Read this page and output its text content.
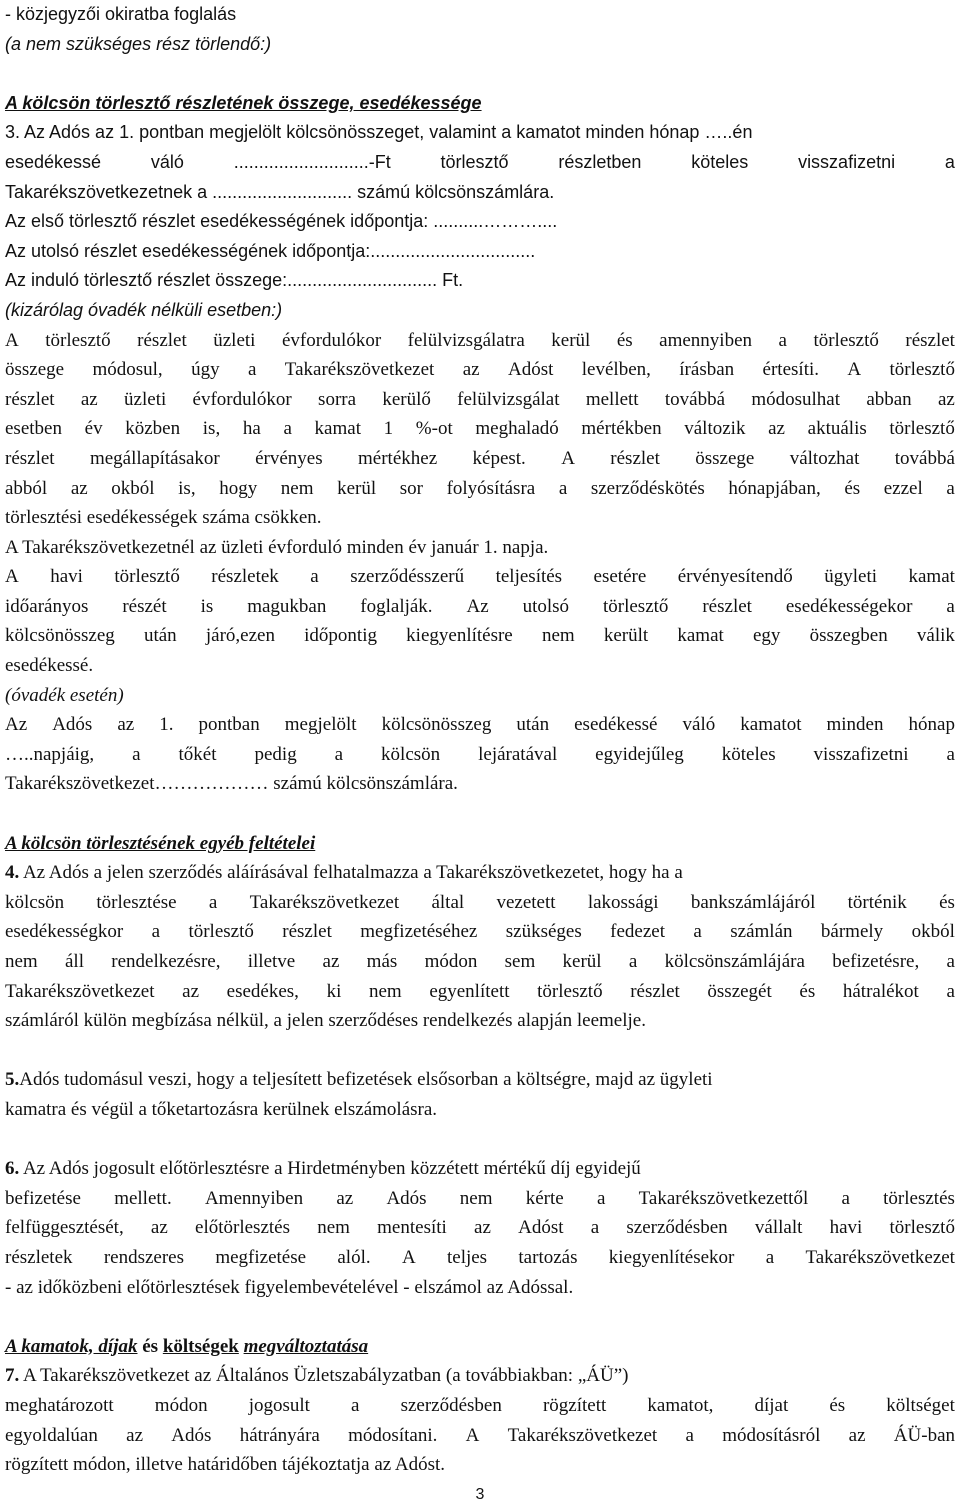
- közjegyzői okiratba foglalás
(a nem szükséges rész törlendő:)
A kölcsön törlesztő részletének összege, esedékessége
3. Az Adós az 1. pontban megjelölt kölcsönösszeget, valamint a kamatot minden hónap …..én
esedékessé	váló	...........................-Ft	törlesztő	részletben	köteles	visszafizetni	a
Takarékszövetkezetnek a ............................ számú kölcsönszámlára.
Az első törlesztő részlet esedékességének időpontja: ..........………....
Az utolsó részlet esedékességének időpontja:.................................
Az induló törlesztő részlet összege:.............................. Ft.
(kizárólag óvadék nélküli esetben:)
A törlesztő részlet üzleti évfordulókor felülvizsgálatra kerül és amennyiben a törlesztő részlet
összege módosul, úgy a Takarékszövetkezet az Adóst levélben, írásban értesíti. A törlesztő
részlet az üzleti évfordulókor sorra kerülő felülvizsgálat mellett továbbá módosulhat abban az
esetben év közben is, ha a kamat 1 %-ot meghaladó mértékben változik az aktuális törlesztő
részlet megállapításakor érvényes mértékhez képest. A részlet összege változhat továbbá
abból az okból is, hogy nem kerül sor folyósításra a szerződéskötés hónapjában, és ezzel a
törlesztési esedékességek száma csökken.
A Takarékszövetkezetnél az üzleti évforduló minden év január 1. napja.
A havi törlesztő részletek a szerződésszerű teljesítés esetére érvényesítendő ügyleti kamat
időarányos részét is magukban foglalják. Az utolsó törlesztő részlet esedékességekor a
kölcsönösszeg után járó,ezen időpontig kiegyenlítésre nem került kamat egy összegben válik
esedékessé.
(óvadék esetén)
Az Adós az 1. pontban megjelölt kölcsönösszeg után esedékessé váló kamatot minden hónap
…..napjáig, a tőkét pedig a kölcsön lejáratával egyidejűleg köteles visszafizetni a
Takarékszövetkezet……………… számú kölcsönszámlára.
A kölcsön törlesztésének egyéb feltételei
4. Az Adós a jelen szerződés aláírásával felhatalmazza a Takarékszövetkezetet, hogy ha a
kölcsön törlesztése a Takarékszövetkezet által vezetett lakossági bankszámlájáról történik és
esedékességkor a törlesztő részlet megfizetéséhez szükséges fedezet a számlán bármely okból
nem áll rendelkezésre, illetve az más módon sem kerül a kölcsönszámlájára befizetésre, a
Takarékszövetkezet az esedékes, ki nem egyenlített törlesztő részlet összegét és hátralékot a
számláról külön megbízása nélkül, a jelen szerződéses rendelkezés alapján leemelje.
5.Adós tudomásul veszi, hogy a teljesített befizetések elsősorban a költségre, majd az ügyleti
kamatra és végül a tőketartozásra kerülnek elszámolásra.
6. Az Adós jogosult előtörlesztésre a Hirdetményben közzétett mértékű díj egyidejű
befizetése mellett. Amennyiben az Adós nem kérte a Takarékszövetkezettől a törlesztés
felfüggesztését, az előtörlesztés nem mentesíti az Adóst a szerződésben vállalt havi törlesztő
részletek rendszeres megfizetése alól. A teljes tartozás kiegyenlítésekor a Takarékszövetkezet
- az időközbeni előtörlesztések figyelembevételével - elszámol az Adóssal.
A kamatok, díjak és költségek megváltoztatása
7. A Takarékszövetkezet az Általános Üzletszabályzatban (a továbbiakban: „ÁÜ”)
meghatározott módon jogosult a szerződésben rögzített kamatot, díjat és költséget
egyoldalúan az Adós hátrányára módosítani. A Takarékszövetkezet a módosításról az ÁÜ-ban
rögzített módon, illetve határidőben tájékoztatja az Adóst.
3
